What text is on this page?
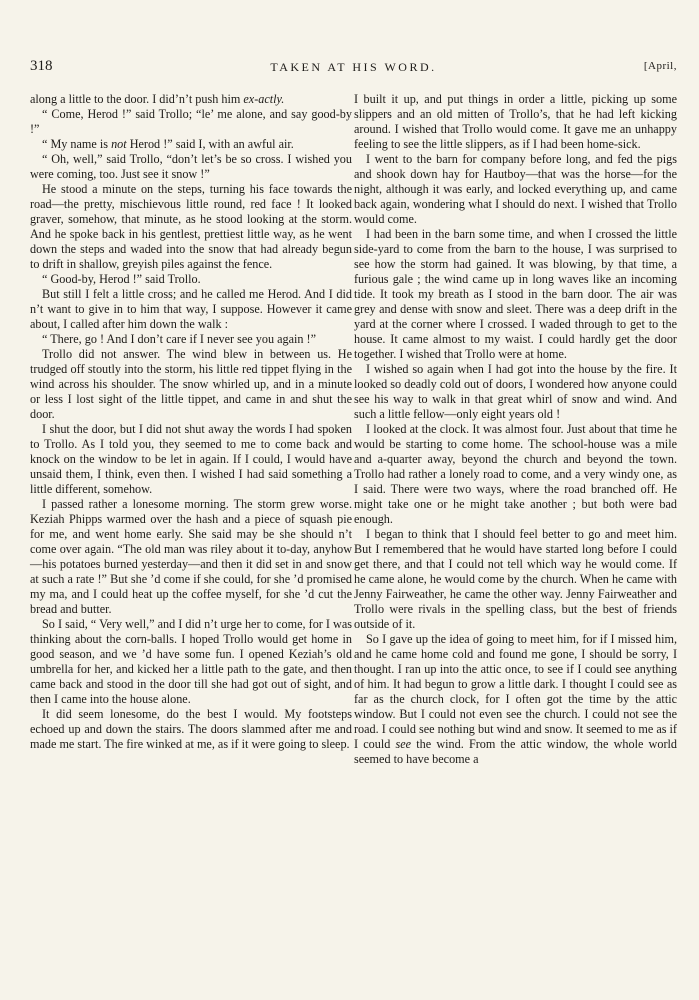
318	TAKEN AT HIS WORD.	[April,

along a little to the door. I did’n’t push him ex-actly.

“ Come, Herod !” said Trollo; “le’ me alone, and say good-by !”

“ My name is not Herod !” said I, with an awful air.

“ Oh, well,” said Trollo, “don’t let’s be so cross. I wished you were coming, too. Just see it snow !”

He stood a minute on the steps, turning his face towards the road—the pretty, mischievous little round, red face ! It looked graver, somehow, that minute, as he stood looking at the storm. And he spoke back in his gentlest, prettiest little way, as he went down the steps and waded into the snow that had already begun to drift in shallow, greyish piles against the fence.

“ Good-by, Herod !” said Trollo.

But still I felt a little cross; and he called me Herod. And I did n’t want to give in to him that way, I suppose. However it came about, I called after him down the walk :

“ There, go ! And I don’t care if I never see you again !”

Trollo did not answer. The wind blew in between us. He trudged off stoutly into the storm, his little red tippet flying in the wind across his shoulder. The snow whirled up, and in a minute or less I lost sight of the little tippet, and came in and shut the door.

I shut the door, but I did not shut away the words I had spoken to Trollo. As I told you, they seemed to me to come back and knock on the window to be let in again. If I could, I would have unsaid them, I think, even then. I wished I had said something a little different, somehow.

I passed rather a lonesome morning. The storm grew worse. Keziah Phipps warmed over the hash and a piece of squash pie for me, and went home early. She said may be she should n’t come over again. “The old man was riley about it to-day, anyhow—his potatoes burned yesterday—and then it did set in and snow at such a rate !” But she ’d come if she could, for she ’d promised my ma, and I could heat up the coffee myself, for she ’d cut the bread and butter.

So I said, “ Very well,” and I did n’t urge her to come, for I was thinking about the corn-balls. I hoped Trollo would get home in good season, and we ’d have some fun. I opened Keziah’s old umbrella for her, and kicked her a little path to the gate, and then came back and stood in the door till she had got out of sight, and then I came into the house alone.

It did seem lonesome, do the best I would. My footsteps echoed up and down the stairs. The doors slammed after me and made me start. The fire winked at me, as if it were going to sleep.

I built it up, and put things in order a little, picking up some slippers and an old mitten of Trollo’s, that he had left kicking around. I wished that Trollo would come. It gave me an unhappy feeling to see the little slippers, as if I had been home-sick.

I went to the barn for company before long, and fed the pigs and shook down hay for Hautboy—that was the horse—for the night, although it was early, and locked everything up, and came back again, wondering what I should do next. I wished that Trollo would come.

I had been in the barn some time, and when I crossed the little side-yard to come from the barn to the house, I was surprised to see how the storm had gained. It was blowing, by that time, a furious gale ; the wind came up in long waves like an incoming tide. It took my breath as I stood in the barn door. The air was grey and dense with snow and sleet. There was a deep drift in the yard at the corner where I crossed. I waded through to get to the house. It came almost to my waist. I could hardly get the door together. I wished that Trollo were at home.

I wished so again when I had got into the house by the fire. It looked so deadly cold out of doors, I wondered how anyone could see his way to walk in that great whirl of snow and wind. And such a little fellow—only eight years old !

I looked at the clock. It was almost four. Just about that time he would be starting to come home. The school-house was a mile and a-quarter away, beyond the church and beyond the town. Trollo had rather a lonely road to come, and a very windy one, as I said. There were two ways, where the road branched off. He might take one or he might take another ; but both were bad enough.

I began to think that I should feel better to go and meet him. But I remembered that he would have started long before I could get there, and that I could not tell which way he would come. If he came alone, he would come by the church. When he came with Jenny Fairweather, he came the other way. Jenny Fairweather and Trollo were rivals in the spelling class, but the best of friends outside of it.

So I gave up the idea of going to meet him, for if I missed him, and he came home cold and found me gone, I should be sorry, I thought. I ran up into the attic once, to see if I could see anything of him. It had begun to grow a little dark. I thought I could see as far as the church clock, for I often got the time by the attic window. But I could not even see the church. I could not see the road. I could see nothing but wind and snow. It seemed to me as if I could see the wind. From the attic window, the whole world seemed to have become a
